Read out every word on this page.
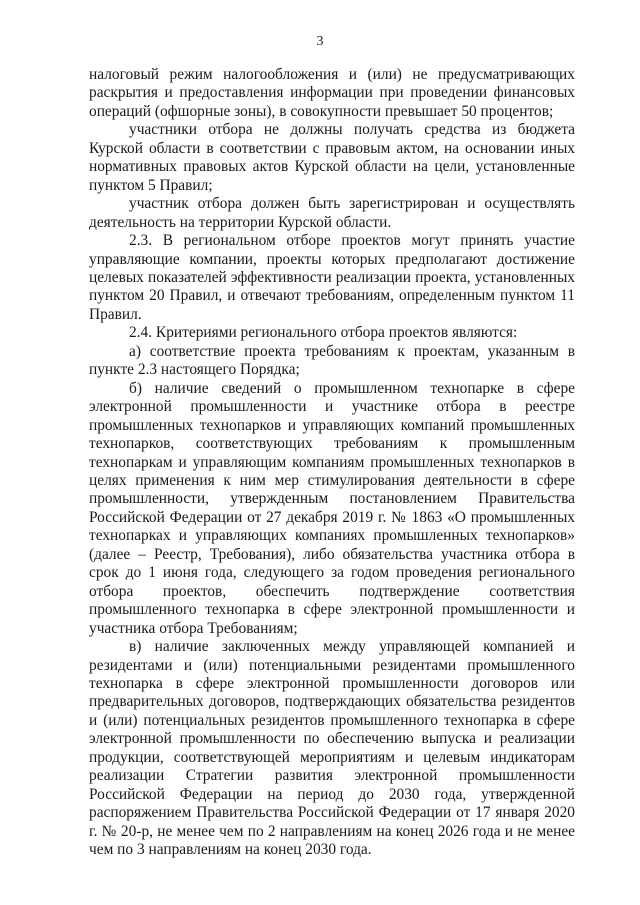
3

налоговый режим налогообложения и (или) не предусматривающих раскрытия и предоставления информации при проведении финансовых операций (офшорные зоны), в совокупности превышает 50 процентов;

участники отбора не должны получать средства из бюджета Курской области в соответствии с правовым актом, на основании иных нормативных правовых актов Курской области на цели, установленные пунктом 5 Правил;

участник отбора должен быть зарегистрирован и осуществлять деятельность на территории Курской области.

2.3. В региональном отборе проектов могут принять участие управляющие компании, проекты которых предполагают достижение целевых показателей эффективности реализации проекта, установленных пунктом 20 Правил, и отвечают требованиям, определенным пунктом 11 Правил.

2.4. Критериями регионального отбора проектов являются:

а) соответствие проекта требованиям к проектам, указанным в пункте 2.3 настоящего Порядка;

б) наличие сведений о промышленном технопарке в сфере электронной промышленности и участнике отбора в реестре промышленных технопарков и управляющих компаний промышленных технопарков, соответствующих требованиям к промышленным технопаркам и управляющим компаниям промышленных технопарков в целях применения к ним мер стимулирования деятельности в сфере промышленности, утвержденным постановлением Правительства Российской Федерации от 27 декабря 2019 г. № 1863 «О промышленных технопарках и управляющих компаниях промышленных технопарков» (далее – Реестр, Требования), либо обязательства участника отбора в срок до 1 июня года, следующего за годом проведения регионального отбора проектов, обеспечить подтверждение соответствия промышленного технопарка в сфере электронной промышленности и участника отбора Требованиям;

в) наличие заключенных между управляющей компанией и резидентами и (или) потенциальными резидентами промышленного технопарка в сфере электронной промышленности договоров или предварительных договоров, подтверждающих обязательства резидентов и (или) потенциальных резидентов промышленного технопарка в сфере электронной промышленности по обеспечению выпуска и реализации продукции, соответствующей мероприятиям и целевым индикаторам реализации Стратегии развития электронной промышленности Российской Федерации на период до 2030 года, утвержденной распоряжением Правительства Российской Федерации от 17 января 2020 г. № 20-р, не менее чем по 2 направлениям на конец 2026 года и не менее чем по 3 направлениям на конец 2030 года.
